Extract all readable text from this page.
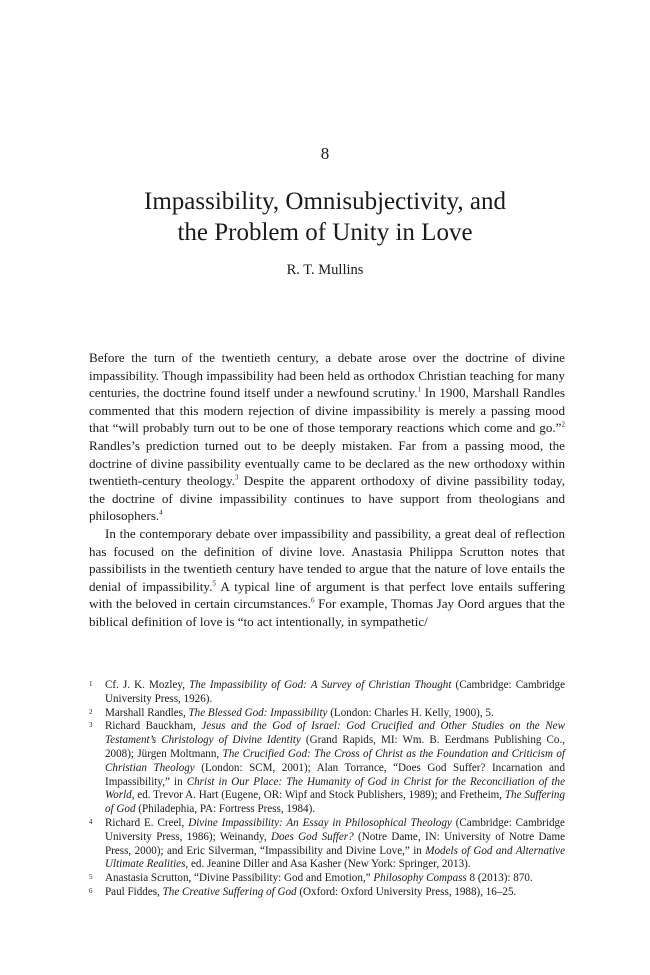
8
Impassibility, Omnisubjectivity, and
the Problem of Unity in Love
R. T. Mullins

Before the turn of the twentieth century, a debate arose over the doctrine of divine impassibility. Though impassibility had been held as orthodox Christian teaching for many centuries, the doctrine found itself under a newfound scrutiny.$^1$ In 1900, Marshall Randles commented that this modern rejection of divine impassibility is merely a passing mood that “will probably turn out to be one of those temporary reactions which come and go.”$^2$ Randles’s prediction turned out to be deeply mistaken. Far from a passing mood, the doctrine of divine passibility eventually came to be declared as the new orthodoxy within twentieth-century theology.$^3$ Despite the apparent orthodoxy of divine passibility today, the doctrine of divine impassibility continues to have support from theologians and philosophers.$^4$

In the contemporary debate over impassibility and passibility, a great deal of reflection has focused on the definition of divine love. Anastasia Philippa Scrutton notes that passibilists in the twentieth century have tended to argue that the nature of love entails the denial of impassibility.$^5$ A typical line of argument is that perfect love entails suffering with the beloved in certain circumstances.$^6$ For example, Thomas Jay Oord argues that the biblical definition of love is “to act intentionally, in sympathetic/

1	Cf. J. K. Mozley, The Impassibility of God: A Survey of Christian Thought (Cambridge: Cambridge University Press, 1926).
2	Marshall Randles, The Blessed God: Impassibility (London: Charles H. Kelly, 1900), 5.
3	Richard Bauckham, Jesus and the God of Israel: God Crucified and Other Studies on the New Testament’s Christology of Divine Identity (Grand Rapids, MI: Wm. B. Eerdmans Publishing Co., 2008); Jürgen Moltmann, The Crucified God: The Cross of Christ as the Foundation and Criticism of Christian Theology (London: SCM, 2001); Alan Torrance, “Does God Suffer? Incarnation and Impassibility,” in Christ in Our Place: The Humanity of God in Christ for the Reconciliation of the World, ed. Trevor A. Hart (Eugene, OR: Wipf and Stock Publishers, 1989); and Fretheim, The Suffering of God (Philadephia, PA: Fortress Press, 1984).
4	Richard E. Creel, Divine Impassibility: An Essay in Philosophical Theology (Cambridge: Cambridge University Press, 1986); Weinandy, Does God Suffer? (Notre Dame, IN: University of Notre Dame Press, 2000); and Eric Silverman, “Impassibility and Divine Love,” in Models of God and Alternative Ultimate Realities, ed. Jeanine Diller and Asa Kasher (New York: Springer, 2013).
5	Anastasia Scrutton, “Divine Passibility: God and Emotion,” Philosophy Compass 8 (2013): 870.
6	Paul Fiddes, The Creative Suffering of God (Oxford: Oxford University Press, 1988), 16–25.
